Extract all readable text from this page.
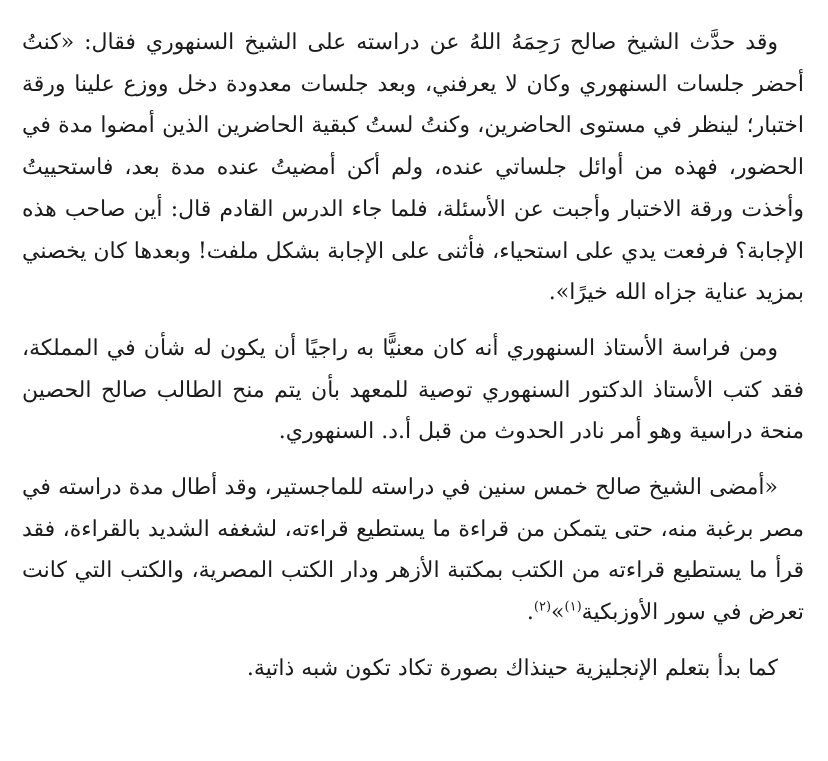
وقد حدَّث الشيخ صالح رَحِمَهُ اللهُ عن دراسته على الشيخ السنهوري فقال: «كنتُ أحضر جلسات السنهوري وكان لا يعرفني، وبعد جلسات معدودة دخل ووزع علينا ورقة اختبار؛ لينظر في مستوى الحاضرين، وكنتُ لستُ كبقية الحاضرين الذين أمضوا مدة في الحضور، فهذه من أوائل جلساتي عنده، ولم أكن أمضيتُ عنده مدة بعد، فاستحييتُ وأخذت ورقة الاختبار وأجبت عن الأسئلة، فلما جاء الدرس القادم قال: أين صاحب هذه الإجابة؟ فرفعت يدي على استحياء، فأثنى على الإجابة بشكل ملفت! وبعدها كان يخصني بمزيد عناية جزاه الله خيرًا».

ومن فراسة الأستاذ السنهوري أنه كان معنيًّا به راجيًا أن يكون له شأن في المملكة، فقد كتب الأستاذ الدكتور السنهوري توصية للمعهد بأن يتم منح الطالب صالح الحصين منحة دراسية وهو أمر نادر الحدوث من قبل أ.د. السنهوري.

«أمضى الشيخ صالح خمس سنين في دراسته للماجستير، وقد أطال مدة دراسته في مصر برغبة منه، حتى يتمكن من قراءة ما يستطيع قراءته، لشغفه الشديد بالقراءة، فقد قرأ ما يستطيع قراءته من الكتب بمكتبة الأزهر ودار الكتب المصرية، والكتب التي كانت تعرض في سور الأوزبكية$^{(١)}$»$^{(٢)}$.

كما بدأ بتعلم الإنجليزية حينذاك بصورة تكاد تكون شبه ذاتية.
